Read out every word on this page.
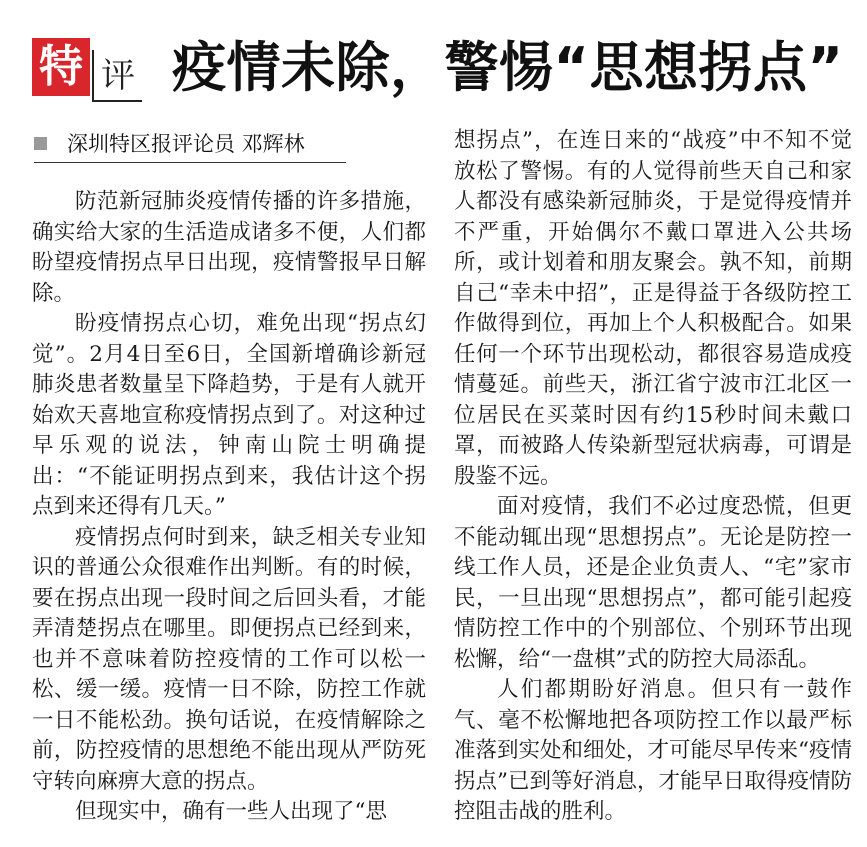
特 评 疫情未除，警惕“思想拐点”
深圳特区报评论员 邓辉林

防范新冠肺炎疫情传播的许多措施，确实给大家的生活造成诸多不便，人们都盼望疫情拐点早日出现，疫情警报早日解除。

盼疫情拐点心切，难免出现“拐点幻觉”。2月4日至6日，全国新增确诊新冠肺炎患者数量呈下降趋势，于是有人就开始欢天喜地宣称疫情拐点到了。对这种过早乐观的说法，钟南山院士明确提出：“不能证明拐点到来，我估计这个拐点到来还得有几天。”

疫情拐点何时到来，缺乏相关专业知识的普通公众很难作出判断。有的时候，要在拐点出现一段时间之后回头看，才能弄清楚拐点在哪里。即便拐点已经到来，也并不意味着防控疫情的工作可以松一松、缓一缓。疫情一日不除，防控工作就一日不能松劲。换句话说，在疫情解除之前，防控疫情的思想绝不能出现从严防死守转向麻痹大意的拐点。

但现实中，确有一些人出现了“思

想拐点”，在连日来的“战疫”中不知不觉放松了警惕。有的人觉得前些天自己和家人都没有感染新冠肺炎，于是觉得疫情并不严重，开始偶尔不戴口罩进入公共场所，或计划着和朋友聚会。孰不知，前期自己“幸未中招”，正是得益于各级防控工作做得到位，再加上个人积极配合。如果任何一个环节出现松动，都很容易造成疫情蔓延。前些天，浙江省宁波市江北区一位居民在买菜时因有约15秒时间未戴口罩，而被路人传染新型冠状病毒，可谓是殷鉴不远。

面对疫情，我们不必过度恐慌，但更不能动辄出现“思想拐点”。无论是防控一线工作人员，还是企业负责人、“宅”家市民，一旦出现“思想拐点”，都可能引起疫情防控工作中的个别部位、个别环节出现松懈，给“一盘棋”式的防控大局添乱。

人们都期盼好消息。但只有一鼓作气、毫不松懈地把各项防控工作以最严标准落到实处和细处，才可能尽早传来“疫情拐点”已到等好消息，才能早日取得疫情防控阻击战的胜利。
